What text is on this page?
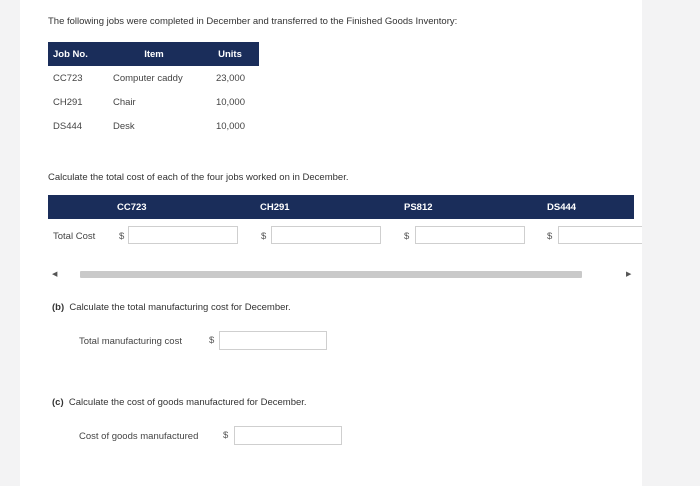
The following jobs were completed in December and transferred to the Finished Goods Inventory:
Job No.	Item	Units
CC723	Computer caddy	23,000
CH291	Chair	10,000
DS444	Desk	10,000
Calculate the total cost of each of the four jobs worked on in December.
CC723	CH291	PS812	DS444
Total Cost	$	$	$	$
◀	▶
(b) Calculate the total manufacturing cost for December.
Total manufacturing cost	$
(c) Calculate the cost of goods manufactured for December.
Cost of goods manufactured	$
